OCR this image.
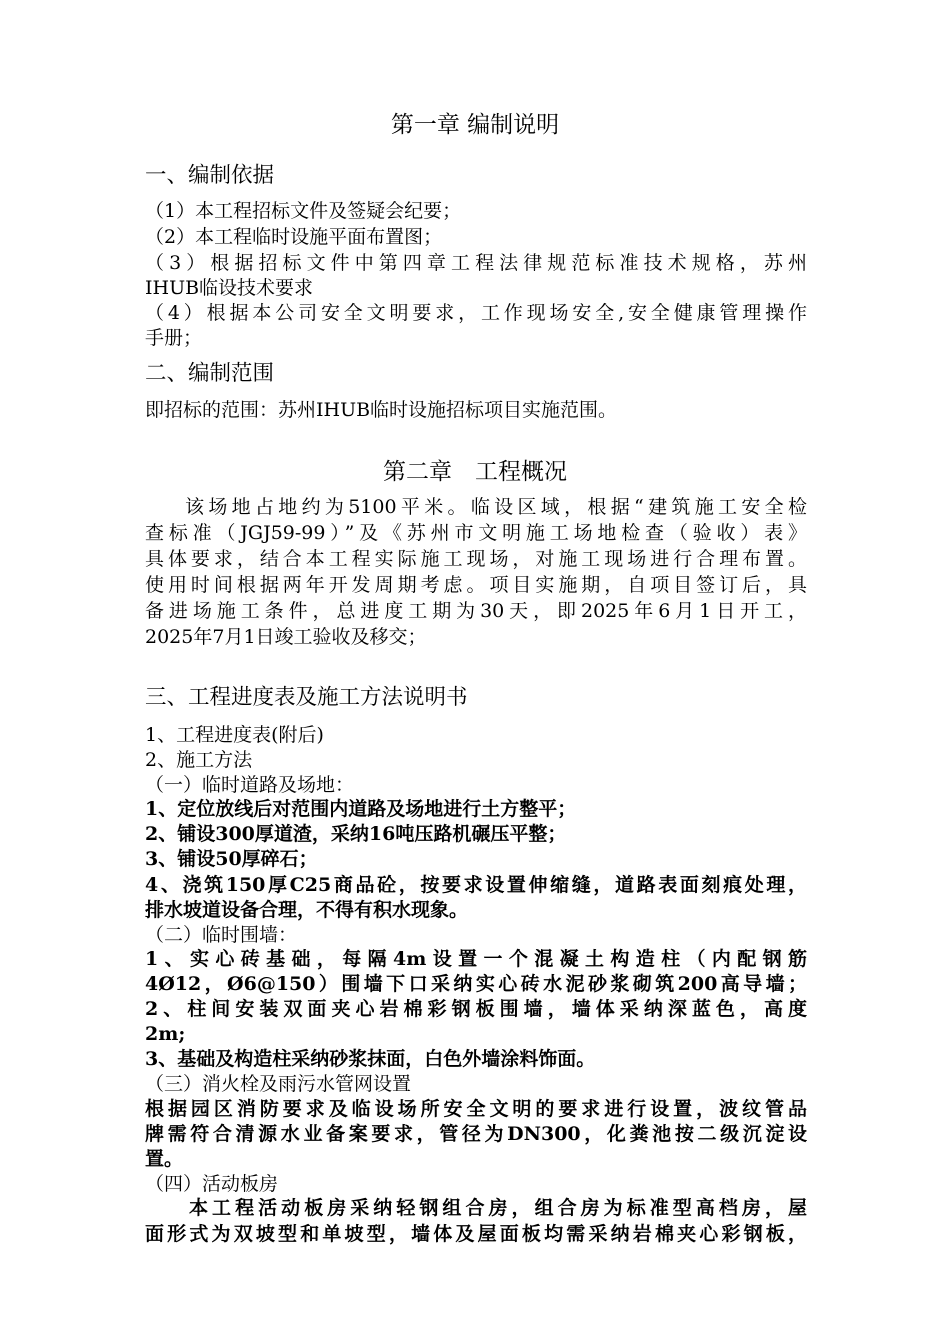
第一章 编制说明
一、编制依据
（1）本工程招标文件及签疑会纪要；
（2）本工程临时设施平面布置图；
（3）根据招标文件中第四章工程法律规范标准技术规格，苏州
IHUB临设技术要求
（4）根据本公司安全文明要求，工作现场安全,安全健康管理操作
手册；
二、编制范围
即招标的范围：苏州IHUB临时设施招标项目实施范围。
第二章　工程概况
该场地占地约为5100平米。临设区域，根据“建筑施工安全检
查标准（JGJ59-99）”及《苏州市文明施工场地检查（验收）表》
具体要求，结合本工程实际施工现场，对施工现场进行合理布置。
使用时间根据两年开发周期考虑。项目实施期，自项目签订后，具
备进场施工条件，总进度工期为30天，即2025年6月1日开工，
2025年7月1日竣工验收及移交；
三、工程进度表及施工方法说明书
1、工程进度表(附后)
2、施工方法
（一）临时道路及场地：
1、定位放线后对范围内道路及场地进行土方整平；
2、铺设300厚道渣，采纳16吨压路机碾压平整；
3、铺设50厚碎石；
4、浇筑150厚C25商品砼，按要求设置伸缩缝，道路表面刻痕处理，
排水坡道设备合理，不得有积水现象。
（二）临时围墙：
1、实心砖基础，每隔4m设置一个混凝土构造柱（内配钢筋
4Ø12，Ø6@150）围墙下口采纳实心砖水泥砂浆砌筑200高导墙；
2、柱间安装双面夹心岩棉彩钢板围墙，墙体采纳深蓝色，高度
2m;
3、基础及构造柱采纳砂浆抹面，白色外墙涂料饰面。
（三）消火栓及雨污水管网设置
根据园区消防要求及临设场所安全文明的要求进行设置，波纹管品
牌需符合清源水业备案要求，管径为DN300，化粪池按二级沉淀设
置。
（四）活动板房
本工程活动板房采纳轻钢组合房，组合房为标准型高档房，屋
面形式为双坡型和单坡型，墙体及屋面板均需采纳岩棉夹心彩钢板，
